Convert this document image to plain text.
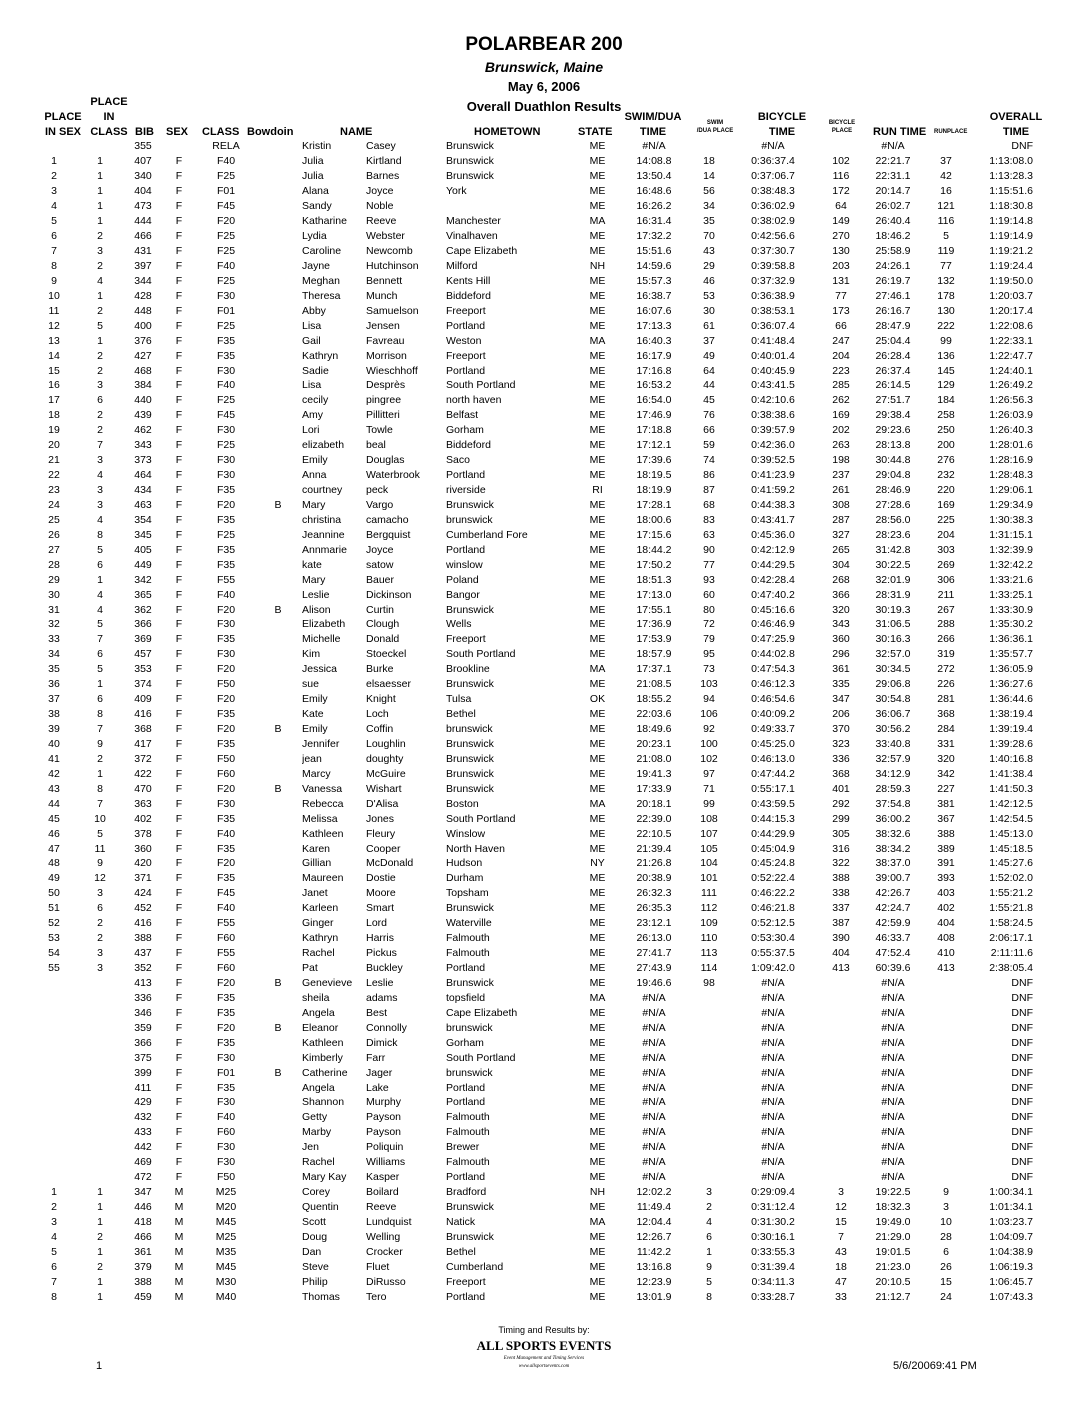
POLARBEAR 200
Brunswick, Maine
May 6, 2006
Overall Duathlon Results
PLACE
IN SEX
PLACE
IN
CLASS BIB SEX CLASS Bowdoin	NAME	HOMETOWN	STATE
SWIM/DUA
TIME
SWIM
/DUA PLACE
BICYCLE
TIME
BICYCLE
PLACE	RUN TIME RUNPLACE
OVERALL
TIME
		355		RELA		Kristin	Casey	Brunswick	ME	#N/A		#N/A		#N/A		DNF
1	1	407	F	F40		Julia	Kirtland	Brunswick	ME	14:08.8	18	0:36:37.4	102	22:21.7	37	1:13:08.0
2	1	340	F	F25		Julia	Barnes	Brunswick	ME	13:50.4	14	0:37:06.7	116	22:31.1	42	1:13:28.3
3	1	404	F	F01		Alana	Joyce	York	ME	16:48.6	56	0:38:48.3	172	20:14.7	16	1:15:51.6
4	1	473	F	F45		Sandy	Noble		ME	16:26.2	34	0:36:02.9	64	26:02.7	121	1:18:30.8
5	1	444	F	F20		Katharine	Reeve	Manchester	MA	16:31.4	35	0:38:02.9	149	26:40.4	116	1:19:14.8
6	2	466	F	F25		Lydia	Webster	Vinalhaven	ME	17:32.2	70	0:42:56.6	270	18:46.2	5	1:19:14.9
7	3	431	F	F25		Caroline	Newcomb	Cape Elizabeth	ME	15:51.6	43	0:37:30.7	130	25:58.9	119	1:19:21.2
8	2	397	F	F40		Jayne	Hutchinson	Milford	NH	14:59.6	29	0:39:58.8	203	24:26.1	77	1:19:24.4
9	4	344	F	F25		Meghan	Bennett	Kents Hill	ME	15:57.3	46	0:37:32.9	131	26:19.7	132	1:19:50.0
10	1	428	F	F30		Theresa	Munch	Biddeford	ME	16:38.7	53	0:36:38.9	77	27:46.1	178	1:20:03.7
11	2	448	F	F01		Abby	Samuelson	Freeport	ME	16:07.6	30	0:38:53.1	173	26:16.7	130	1:20:17.4
12	5	400	F	F25		Lisa	Jensen	Portland	ME	17:13.3	61	0:36:07.4	66	28:47.9	222	1:22:08.6
13	1	376	F	F35		Gail	Favreau	Weston	MA	16:40.3	37	0:41:48.4	247	25:04.4	99	1:22:33.1
14	2	427	F	F35		Kathryn	Morrison	Freeport	ME	16:17.9	49	0:40:01.4	204	26:28.4	136	1:22:47.7
15	2	468	F	F30		Sadie	Wieschhoff	Portland	ME	17:16.8	64	0:40:45.9	223	26:37.4	145	1:24:40.1
16	3	384	F	F40		Lisa	Desprès	South Portland	ME	16:53.2	44	0:43:41.5	285	26:14.5	129	1:26:49.2
17	6	440	F	F25		cecily	pingree	north haven	ME	16:54.0	45	0:42:10.6	262	27:51.7	184	1:26:56.3
18	2	439	F	F45		Amy	Pillitteri	Belfast	ME	17:46.9	76	0:38:38.6	169	29:38.4	258	1:26:03.9
19	2	462	F	F30		Lori	Towle	Gorham	ME	17:18.8	66	0:39:57.9	202	29:23.6	250	1:26:40.3
20	7	343	F	F25		elizabeth	beal	Biddeford	ME	17:12.1	59	0:42:36.0	263	28:13.8	200	1:28:01.6
21	3	373	F	F30		Emily	Douglas	Saco	ME	17:39.6	74	0:39:52.5	198	30:44.8	276	1:28:16.9
22	4	464	F	F30		Anna	Waterbrook	Portland	ME	18:19.5	86	0:41:23.9	237	29:04.8	232	1:28:48.3
23	3	434	F	F35		courtney	peck	riverside	RI	18:19.9	87	0:41:59.2	261	28:46.9	220	1:29:06.1
24	3	463	F	F20	B	Mary	Vargo	Brunswick	ME	17:28.1	68	0:44:38.3	308	27:28.6	169	1:29:34.9
25	4	354	F	F35		christina	camacho	brunswick	ME	18:00.6	83	0:43:41.7	287	28:56.0	225	1:30:38.3
26	8	345	F	F25		Jeannine	Bergquist	Cumberland Fore	ME	17:15.6	63	0:45:36.0	327	28:23.6	204	1:31:15.1
27	5	405	F	F35		Annmarie	Joyce	Portland	ME	18:44.2	90	0:42:12.9	265	31:42.8	303	1:32:39.9
28	6	449	F	F35		kate	satow	winslow	ME	17:50.2	77	0:44:29.5	304	30:22.5	269	1:32:42.2
29	1	342	F	F55		Mary	Bauer	Poland	ME	18:51.3	93	0:42:28.4	268	32:01.9	306	1:33:21.6
30	4	365	F	F40		Leslie	Dickinson	Bangor	ME	17:13.0	60	0:47:40.2	366	28:31.9	211	1:33:25.1
31	4	362	F	F20	B	Alison	Curtin	Brunswick	ME	17:55.1	80	0:45:16.6	320	30:19.3	267	1:33:30.9
32	5	366	F	F30		Elizabeth	Clough	Wells	ME	17:36.9	72	0:46:46.9	343	31:06.5	288	1:35:30.2
33	7	369	F	F35		Michelle	Donald	Freeport	ME	17:53.9	79	0:47:25.9	360	30:16.3	266	1:36:36.1
34	6	457	F	F30		Kim	Stoeckel	South Portland	ME	18:57.9	95	0:44:02.8	296	32:57.0	319	1:35:57.7
35	5	353	F	F20		Jessica	Burke	Brookline	MA	17:37.1	73	0:47:54.3	361	30:34.5	272	1:36:05.9
36	1	374	F	F50		sue	elsaesser	Brunswick	ME	21:08.5	103	0:46:12.3	335	29:06.8	226	1:36:27.6
37	6	409	F	F20		Emily	Knight	Tulsa	OK	18:55.2	94	0:46:54.6	347	30:54.8	281	1:36:44.6
38	8	416	F	F35		Kate	Loch	Bethel	ME	22:03.6	106	0:40:09.2	206	36:06.7	368	1:38:19.4
39	7	368	F	F20	B	Emily	Coffin	brunswick	ME	18:49.6	92	0:49:33.7	370	30:56.2	284	1:39:19.4
40	9	417	F	F35		Jennifer	Loughlin	Brunswick	ME	20:23.1	100	0:45:25.0	323	33:40.8	331	1:39:28.6
41	2	372	F	F50		jean	doughty	Brunswick	ME	21:08.0	102	0:46:13.0	336	32:57.9	320	1:40:16.8
42	1	422	F	F60		Marcy	McGuire	Brunswick	ME	19:41.3	97	0:47:44.2	368	34:12.9	342	1:41:38.4
43	8	470	F	F20	B	Vanessa	Wishart	Brunswick	ME	17:33.9	71	0:55:17.1	401	28:59.3	227	1:41:50.3
44	7	363	F	F30		Rebecca	D'Alisa	Boston	MA	20:18.1	99	0:43:59.5	292	37:54.8	381	1:42:12.5
45	10	402	F	F35		Melissa	Jones	South Portland	ME	22:39.0	108	0:44:15.3	299	36:00.2	367	1:42:54.5
46	5	378	F	F40		Kathleen	Fleury	Winslow	ME	22:10.5	107	0:44:29.9	305	38:32.6	388	1:45:13.0
47	11	360	F	F35		Karen	Cooper	North Haven	ME	21:39.4	105	0:45:04.9	316	38:34.2	389	1:45:18.5
48	9	420	F	F20		Gillian	McDonald	Hudson	NY	21:26.8	104	0:45:24.8	322	38:37.0	391	1:45:27.6
49	12	371	F	F35		Maureen	Dostie	Durham	ME	20:38.9	101	0:52:22.4	388	39:00.7	393	1:52:02.0
50	3	424	F	F45		Janet	Moore	Topsham	ME	26:32.3	111	0:46:22.2	338	42:26.7	403	1:55:21.2
51	6	452	F	F40		Karleen	Smart	Brunswick	ME	26:35.3	112	0:46:21.8	337	42:24.7	402	1:55:21.8
52	2	416	F	F55		Ginger	Lord	Waterville	ME	23:12.1	109	0:52:12.5	387	42:59.9	404	1:58:24.5
53	2	388	F	F60		Kathryn	Harris	Falmouth	ME	26:13.0	110	0:53:30.4	390	46:33.7	408	2:06:17.1
54	3	437	F	F55		Rachel	Pickus	Falmouth	ME	27:41.7	113	0:55:37.5	404	47:52.4	410	2:11:11.6
55	3	352	F	F60		Pat	Buckley	Portland	ME	27:43.9	114	1:09:42.0	413	60:39.6	413	2:38:05.4
		413	F	F20	B	Genevieve	Leslie	Brunswick	ME	19:46.6	98	#N/A		#N/A		DNF
		336	F	F35		sheila	adams	topsfield	MA	#N/A		#N/A		#N/A		DNF
		346	F	F35		Angela	Best	Cape Elizabeth	ME	#N/A		#N/A		#N/A		DNF
		359	F	F20	B	Eleanor	Connolly	brunswick	ME	#N/A		#N/A		#N/A		DNF
		366	F	F35		Kathleen	Dimick	Gorham	ME	#N/A		#N/A		#N/A		DNF
		375	F	F30		Kimberly	Farr	South Portland	ME	#N/A		#N/A		#N/A		DNF
		399	F	F01	B	Catherine	Jager	brunswick	ME	#N/A		#N/A		#N/A		DNF
		411	F	F35		Angela	Lake	Portland	ME	#N/A		#N/A		#N/A		DNF
		429	F	F30		Shannon	Murphy	Portland	ME	#N/A		#N/A		#N/A		DNF
		432	F	F40		Getty	Payson	Falmouth	ME	#N/A		#N/A		#N/A		DNF
		433	F	F60		Marby	Payson	Falmouth	ME	#N/A		#N/A		#N/A		DNF
		442	F	F30		Jen	Poliquin	Brewer	ME	#N/A		#N/A		#N/A		DNF
		469	F	F30		Rachel	Williams	Falmouth	ME	#N/A		#N/A		#N/A		DNF
		472	F	F50		Mary Kay	Kasper	Portland	ME	#N/A		#N/A		#N/A		DNF
1	1	347	M	M25		Corey	Boilard	Bradford	NH	12:02.2	3	0:29:09.4	3	19:22.5	9	1:00:34.1
2	1	446	M	M20		Quentin	Reeve	Brunswick	ME	11:49.4	2	0:31:12.4	12	18:32.3	3	1:01:34.1
3	1	418	M	M45		Scott	Lundquist	Natick	MA	12:04.4	4	0:31:30.2	15	19:49.0	10	1:03:23.7
4	2	466	M	M25		Doug	Welling	Brunswick	ME	12:26.7	6	0:30:16.1	7	21:29.0	28	1:04:09.7
5	1	361	M	M35		Dan	Crocker	Bethel	ME	11:42.2	1	0:33:55.3	43	19:01.5	6	1:04:38.9
6	2	379	M	M45		Steve	Fluet	Cumberland	ME	13:16.8	9	0:31:39.4	18	21:23.0	26	1:06:19.3
7	1	388	M	M30		Philip	DiRusso	Freeport	ME	12:23.9	5	0:34:11.3	47	20:10.5	15	1:06:45.7
8	1	459	M	M40		Thomas	Tero	Portland	ME	13:01.9	8	0:33:28.7	33	21:12.7	24	1:07:43.3
Timing and Results by:
ALL SPORTS EVENTS
Event Management and Timing Services
www.allsportsevents.com
1	5/6/20069:41 PM
